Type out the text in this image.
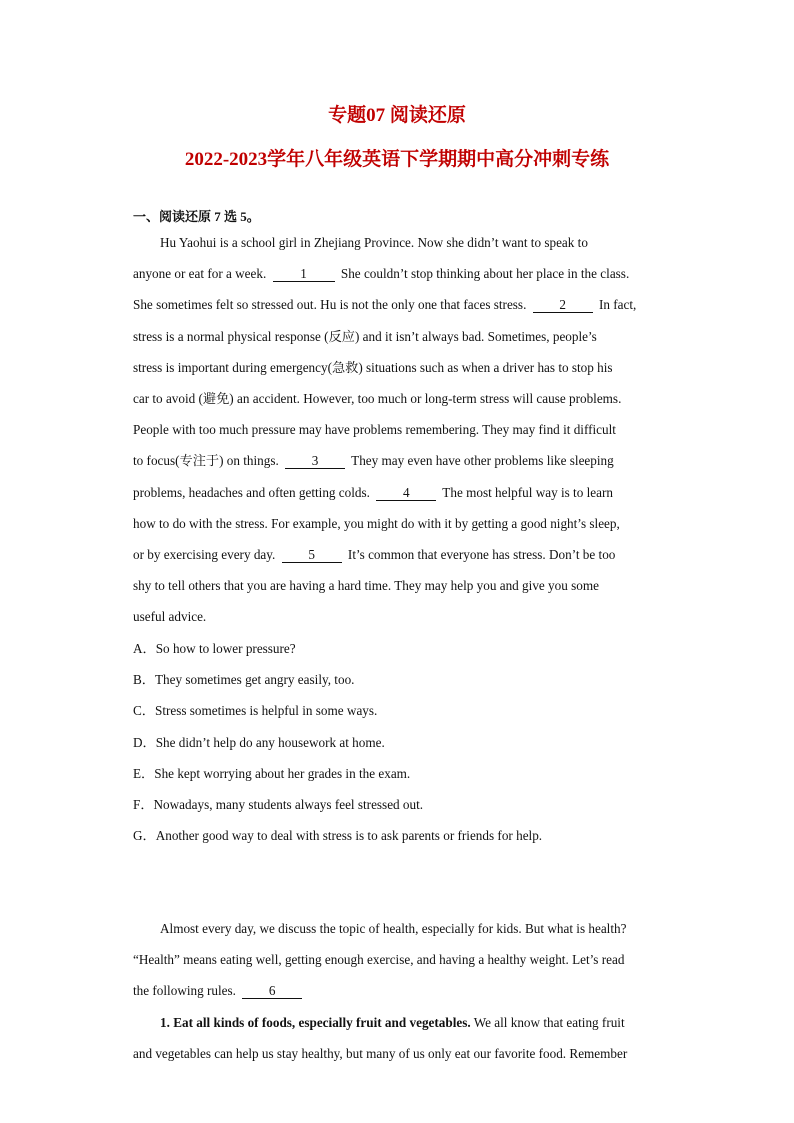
专题07 阅读还原
2022-2023学年八年级英语下学期期中高分冲刺专练
一、阅读还原 7 选 5。
Hu Yaohui is a school girl in Zhejiang Province. Now she didn’t want to speak to
anyone or eat for a week.	1	She couldn’t stop thinking about her place in the class.
She sometimes felt so stressed out. Hu is not the only one that faces stress.	2	In fact,
stress is a normal physical response (反应) and it isn’t always bad. Sometimes, people’s
stress is important during emergency(急救) situations such as when a driver has to stop his
car to avoid (避免) an accident. However, too much or long-term stress will cause problems.
People with too much pressure may have problems remembering. They may find it difficult
to focus(专注于) on things.	3 They may even have other problems like sleeping
problems, headaches and often getting colds.	4 The most helpful way is to learn
how to do with the stress. For example, you might do with it by getting a good night’s sleep,
or by exercising every day.	5	It’s common that everyone has stress. Don’t be too
shy to tell others that you are having a hard time. They may help you and give you some
useful advice.
A．So how to lower pressure?
B．They sometimes get angry easily, too.
C．Stress sometimes is helpful in some ways.
D．She didn’t help do any housework at home.
E．She kept worrying about her grades in the exam.
F．Nowadays, many students always feel stressed out.
G．Another good way to deal with stress is to ask parents or friends for help.
Almost every day, we discuss the topic of health, especially for kids. But what is health?
“Health” means eating well, getting enough exercise, and having a healthy weight. Let’s read
the following rules.	6
1. Eat all kinds of foods, especially fruit and vegetables. We all know that eating fruit
and vegetables can help us stay healthy, but many of us only eat our favorite food. Remember
